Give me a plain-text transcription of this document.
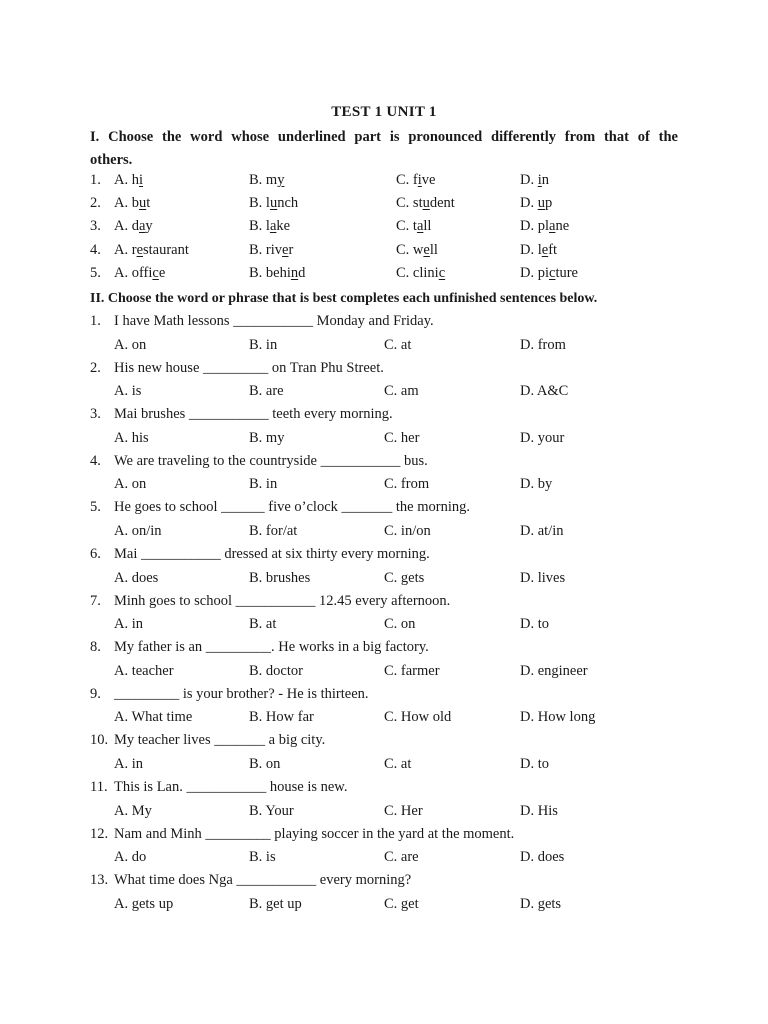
TEST 1 UNIT 1
I. Choose the word whose underlined part is pronounced differently from that of the
others.
1. A. hi	B. my	C. five	D. in
2. A. but	B. lunch	C. student	D. up
3. A. day	B. lake	C. tall	D. plane
4. A. restaurant	B. river	C. well	D. left
5. A. office	B. behind	C. clinic	D. picture
II. Choose the word or phrase that is best completes each unfinished sentences below.
1. I have Math lessons ___________ Monday and Friday.
A. on	B. in	C. at	D. from
2. His new house _________ on Tran Phu Street.
A. is	B. are	C. am	D. A&C
3. Mai brushes ___________ teeth every morning.
A. his	B. my	C. her	D. your
4. We are traveling to the countryside ___________ bus.
A. on	B. in	C. from	D. by
5. He goes to school ______ five o’clock _______ the morning.
A. on/in	B. for/at	C. in/on	D. at/in
6. Mai ___________ dressed at six thirty every morning.
A. does	B. brushes	C. gets	D. lives
7. Minh goes to school ___________ 12.45 every afternoon.
A. in	B. at	C. on	D. to
8. My father is an _________. He works in a big factory.
A. teacher	B. doctor	C. farmer	D. engineer
9. _________ is your brother? - He is thirteen.
A. What time	B. How far	C. How old	D. How long
10. My teacher lives _______ a big city.
A. in	B. on	C. at	D. to
11. This is Lan. ___________ house is new.
A. My	B. Your	C. Her	D. His
12. Nam and Minh _________ playing soccer in the yard at the moment.
A. do	B. is	C. are	D. does
13. What time does Nga ___________ every morning?
A. gets up	B. get up	C. get	D. gets
